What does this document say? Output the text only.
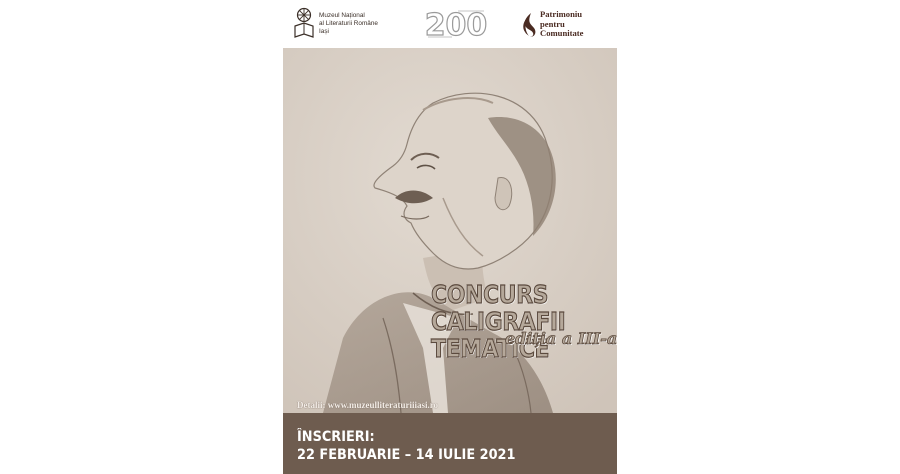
Muzeul Național
al Literaturii Române
Iași	200	Patrimoniu
pentru
Comunitate
CONCURS
CALIGRAFII
TEMATICE
ediția a III-a
Detalii: www.muzeulliteraturiiiasi.ro
ÎNSCRIERI:
22 FEBRUARIE – 14 IULIE 2021
